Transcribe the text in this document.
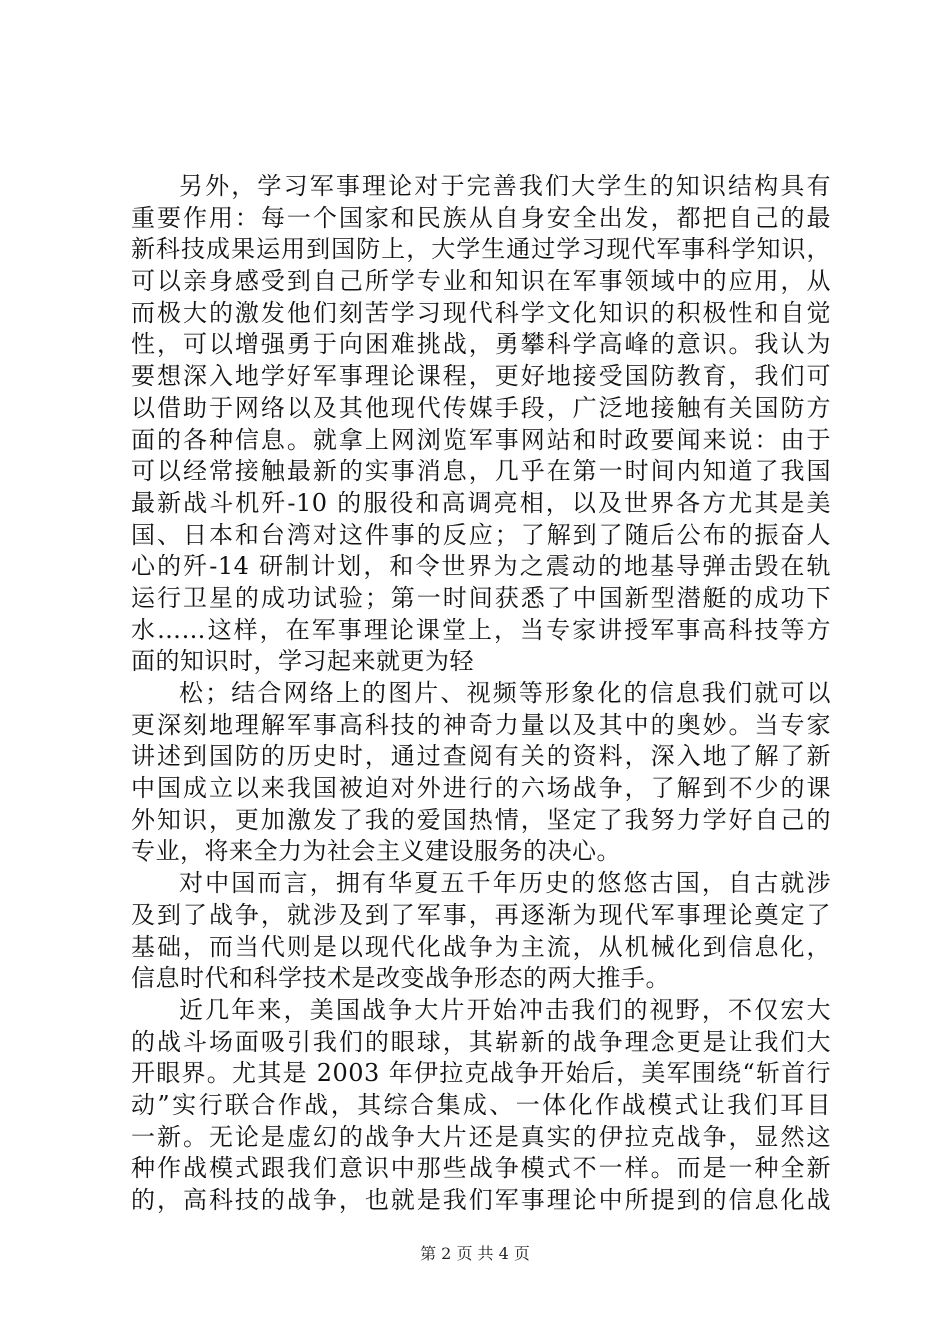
另外，学习军事理论对于完善我们大学生的知识结构具有
重要作用：每一个国家和民族从自身安全出发，都把自己的最
新科技成果运用到国防上，大学生通过学习现代军事科学知识，
可以亲身感受到自己所学专业和知识在军事领域中的应用，从
而极大的激发他们刻苦学习现代科学文化知识的积极性和自觉
性，可以增强勇于向困难挑战，勇攀科学高峰的意识。我认为
要想深入地学好军事理论课程，更好地接受国防教育，我们可
以借助于网络以及其他现代传媒手段，广泛地接触有关国防方
面的各种信息。就拿上网浏览军事网站和时政要闻来说：由于
可以经常接触最新的实事消息，几乎在第一时间内知道了我国
最新战斗机歼-10 的服役和高调亮相，以及世界各方尤其是美
国、日本和台湾对这件事的反应；了解到了随后公布的振奋人
心的歼-14 研制计划，和令世界为之震动的地基导弹击毁在轨
运行卫星的成功试验；第一时间获悉了中国新型潜艇的成功下
水……这样，在军事理论课堂上，当专家讲授军事高科技等方
面的知识时，学习起来就更为轻
松；结合网络上的图片、视频等形象化的信息我们就可以
更深刻地理解军事高科技的神奇力量以及其中的奥妙。当专家
讲述到国防的历史时，通过查阅有关的资料，深入地了解了新
中国成立以来我国被迫对外进行的六场战争，了解到不少的课
外知识，更加激发了我的爱国热情，坚定了我努力学好自己的
专业，将来全力为社会主义建设服务的决心。
对中国而言，拥有华夏五千年历史的悠悠古国，自古就涉
及到了战争，就涉及到了军事，再逐渐为现代军事理论奠定了
基础，而当代则是以现代化战争为主流，从机械化到信息化，
信息时代和科学技术是改变战争形态的两大推手。
近几年来，美国战争大片开始冲击我们的视野，不仅宏大
的战斗场面吸引我们的眼球，其崭新的战争理念更是让我们大
开眼界。尤其是 2003 年伊拉克战争开始后，美军围绕“斩首行
动”实行联合作战，其综合集成、一体化作战模式让我们耳目
一新。无论是虚幻的战争大片还是真实的伊拉克战争，显然这
种作战模式跟我们意识中那些战争模式不一样。而是一种全新
的，高科技的战争，也就是我们军事理论中所提到的信息化战
第 2 页 共 4 页
